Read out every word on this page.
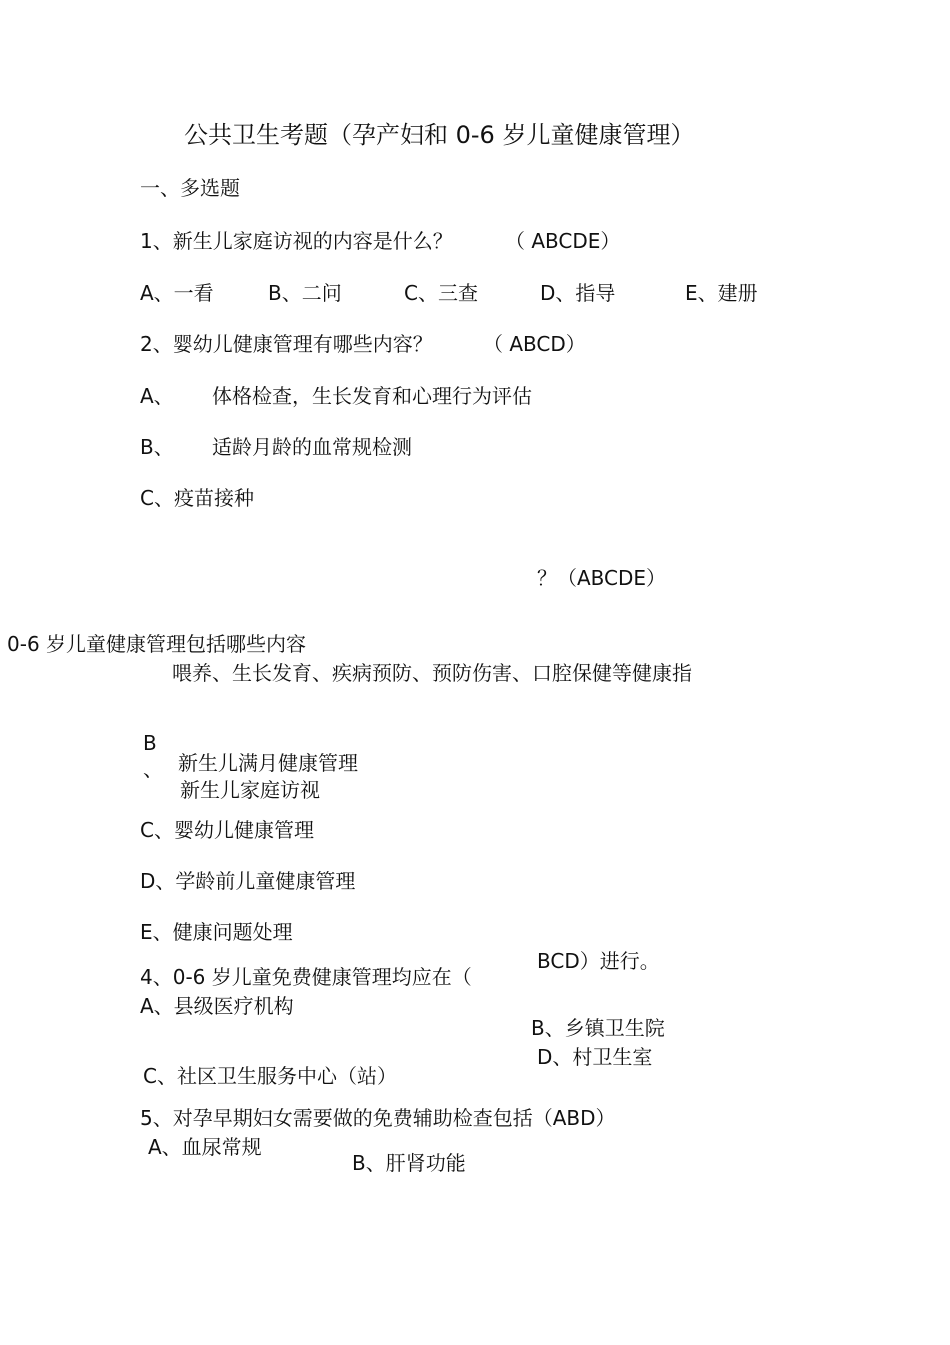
公共卫生考题（孕产妇和 0-6 岁儿童健康管理）
一、多选题
1、新生儿家庭访视的内容是什么？	（ ABCDE）
A、一看	B、二问	C、三查	D、指导	E、建册
2、婴幼儿健康管理有哪些内容？	（ ABCD）
A、 体格检查，生长发育和心理行为评估
B、 适龄月龄的血常规检测
C、疫苗接种
？（ABCDE）
0-6 岁儿童健康管理包括哪些内容
喂养、生长发育、疾病预防、预防伤害、口腔保健等健康指
B
、 新生儿满月健康管理
新生儿家庭访视
C、婴幼儿健康管理
D、学龄前儿童健康管理
E、健康问题处理
BCD）进行。
4、0-6 岁儿童免费健康管理均应在（
A、县级医疗机构
B、乡镇卫生院
D、村卫生室
C、社区卫生服务中心（站）
5、对孕早期妇女需要做的免费辅助检查包括（ABD）
A、血尿常规
B、肝肾功能
